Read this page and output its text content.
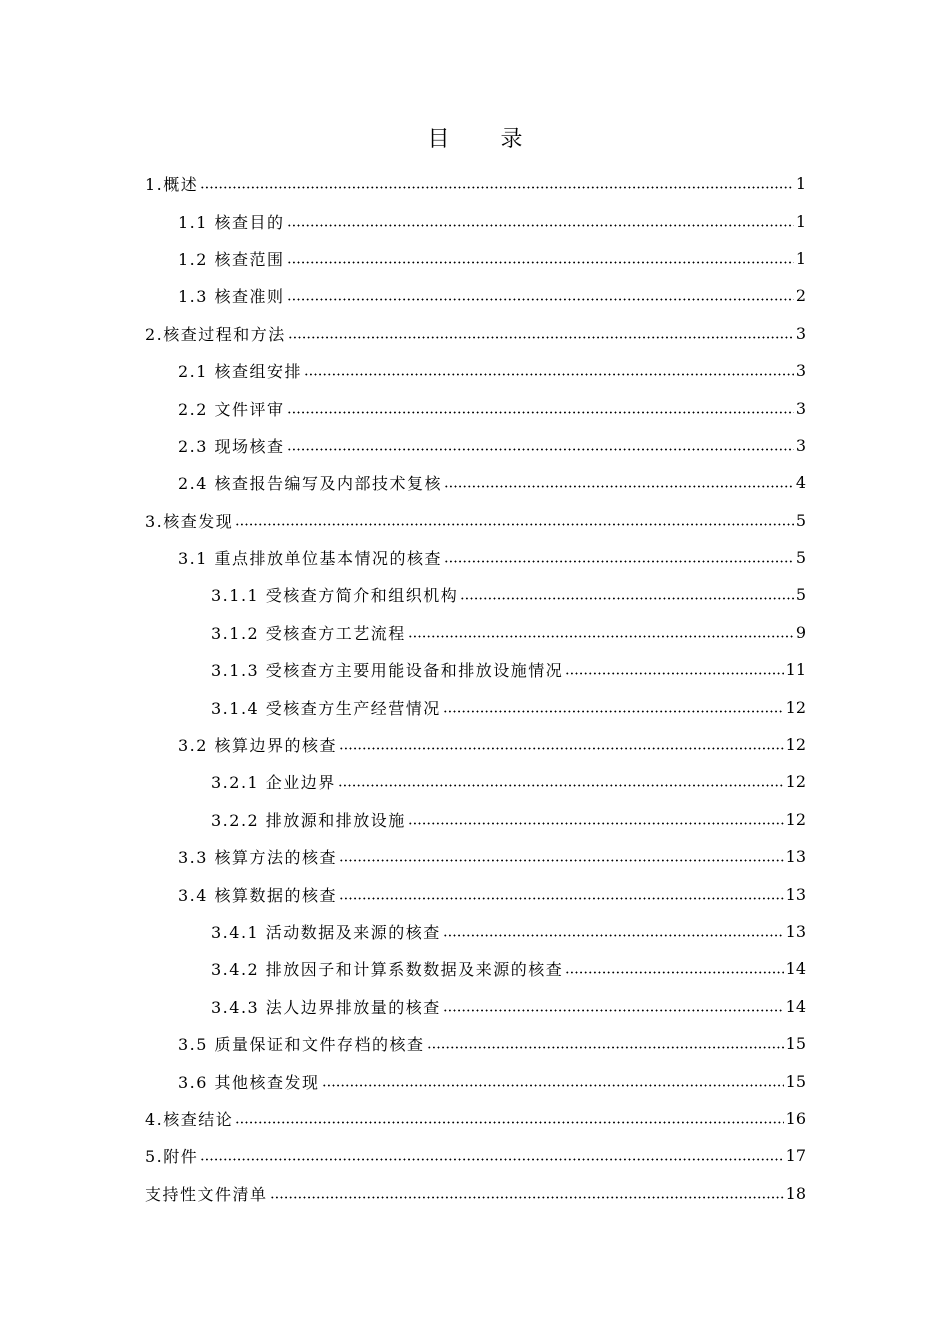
目 录
1.概述	1
1.1 核查目的	1
1.2 核查范围	1
1.3 核查准则	2
2.核查过程和方法	3
2.1 核查组安排	3
2.2 文件评审	3
2.3 现场核查	3
2.4 核查报告编写及内部技术复核	4
3.核查发现	5
3.1 重点排放单位基本情况的核查	5
3.1.1 受核查方简介和组织机构	5
3.1.2 受核查方工艺流程	9
3.1.3 受核查方主要用能设备和排放设施情况	11
3.1.4 受核查方生产经营情况	12
3.2 核算边界的核查	12
3.2.1 企业边界	12
3.2.2 排放源和排放设施	12
3.3 核算方法的核查	13
3.4 核算数据的核查	13
3.4.1 活动数据及来源的核查	13
3.4.2 排放因子和计算系数数据及来源的核查	14
3.4.3 法人边界排放量的核查	14
3.5 质量保证和文件存档的核查	15
3.6 其他核查发现	15
4.核查结论	16
5.附件	17
支持性文件清单	18
